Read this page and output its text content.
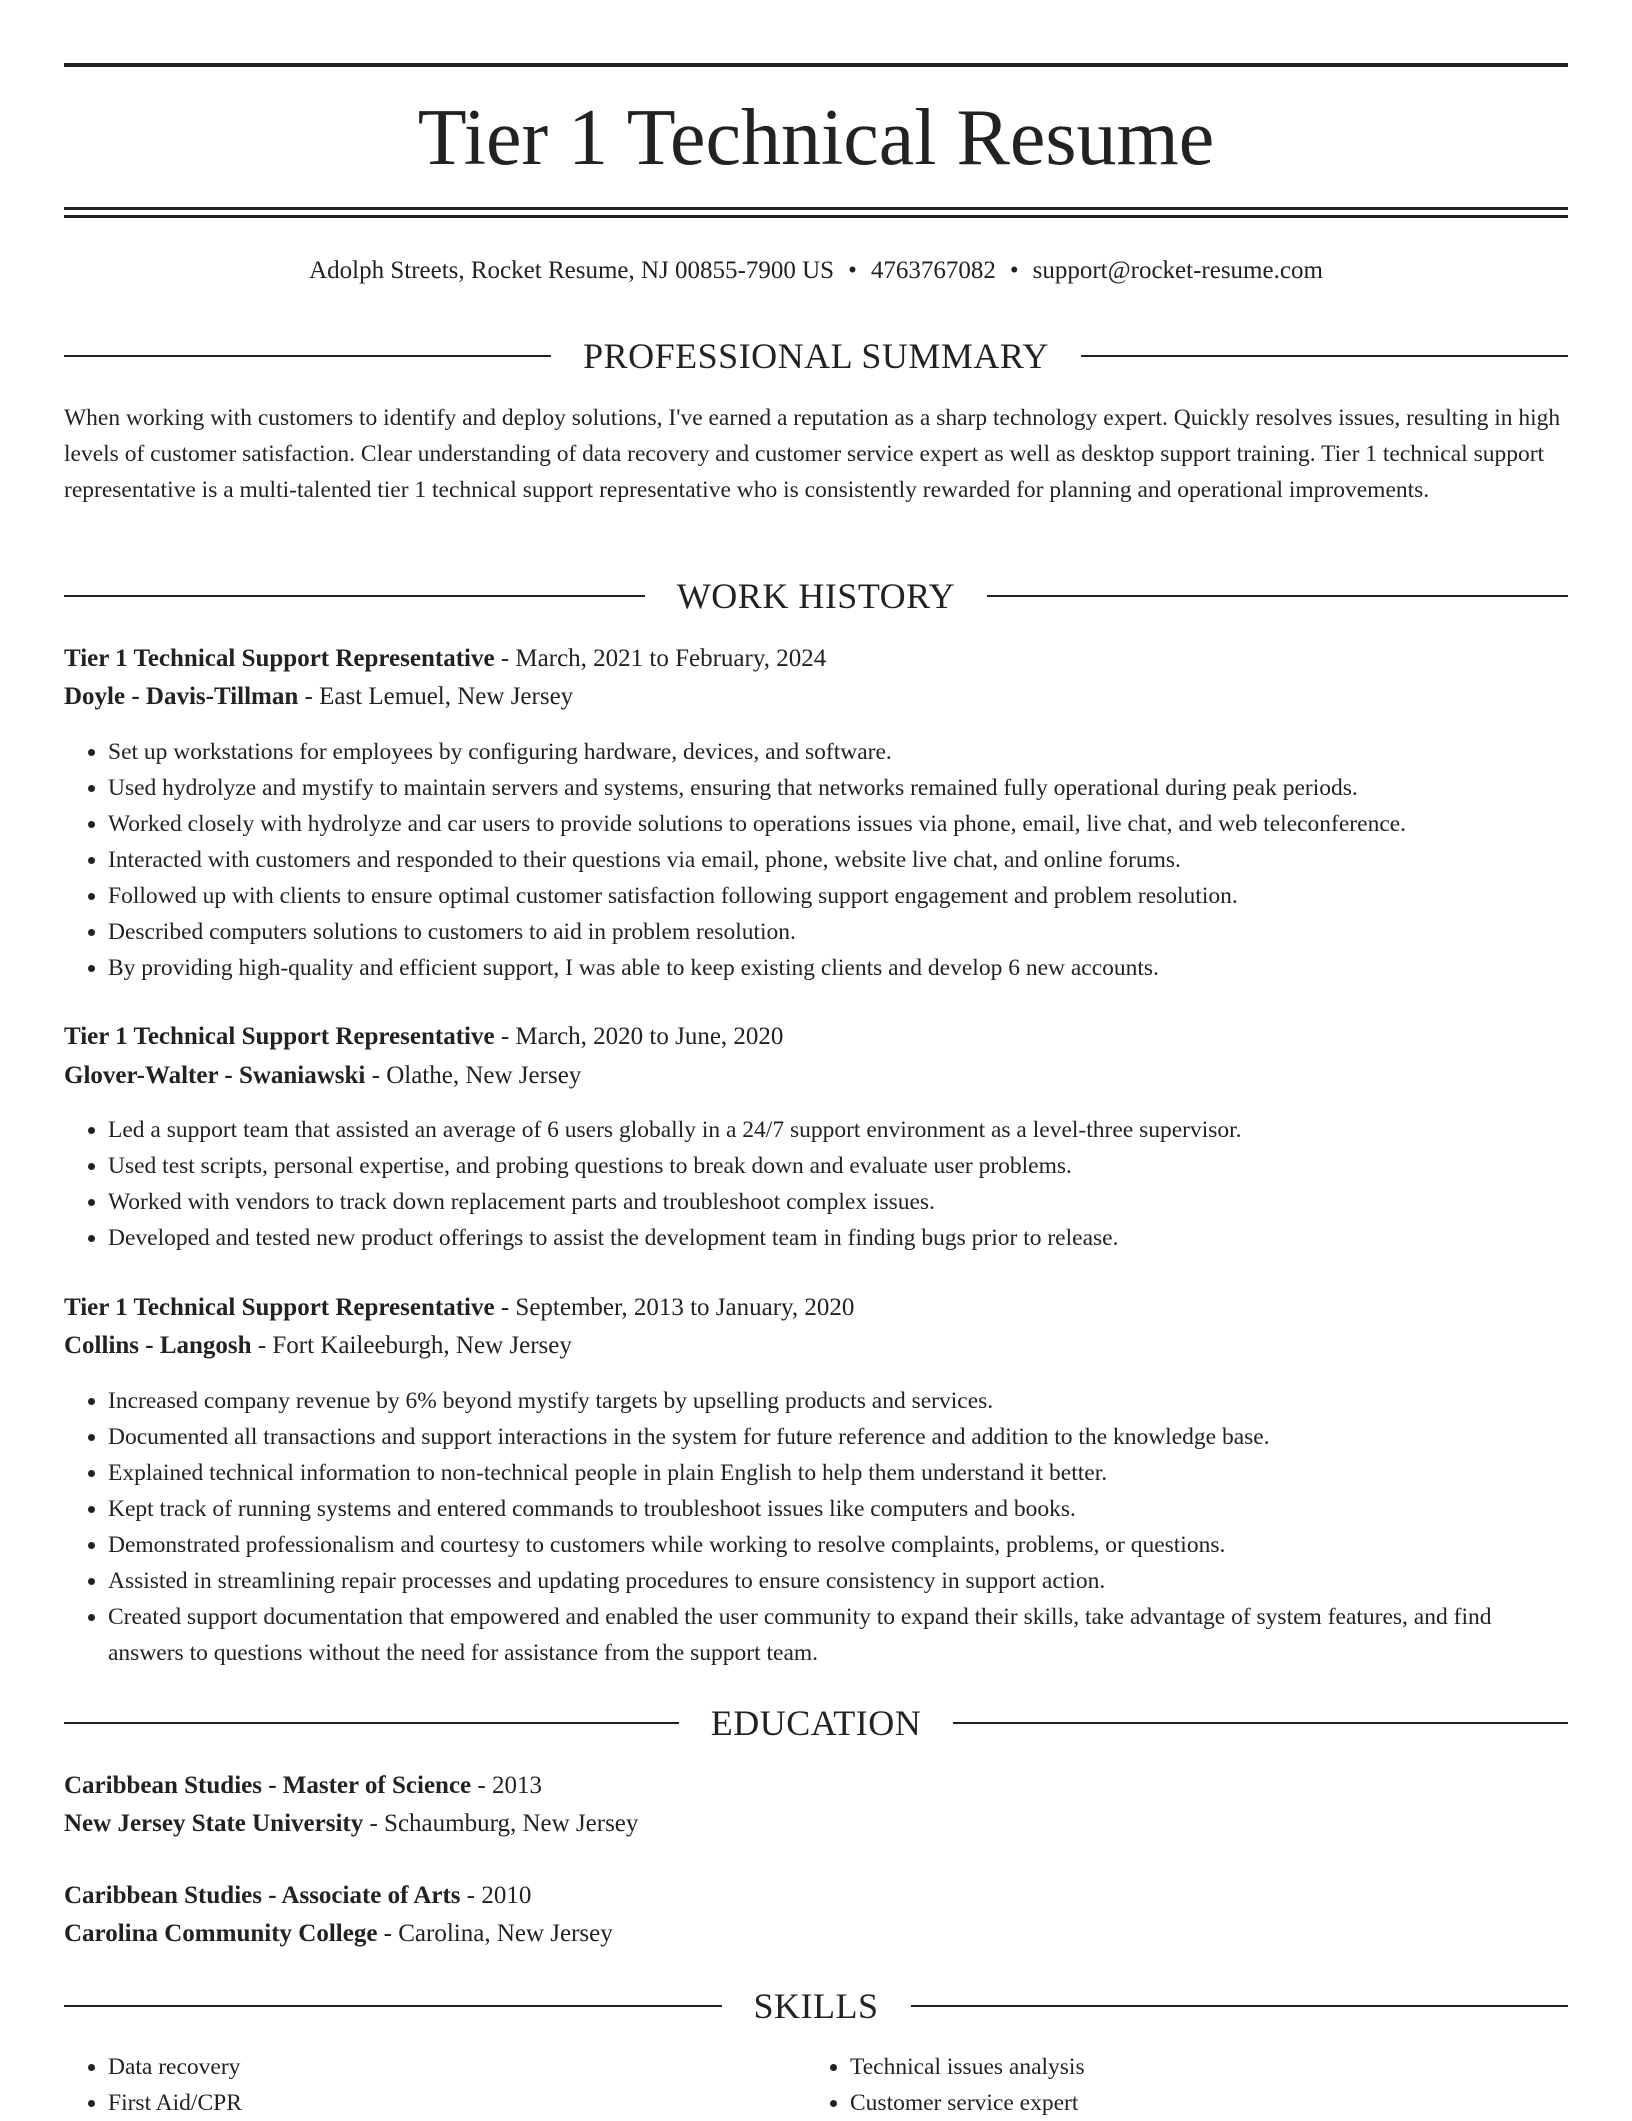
Tier 1 Technical Resume
Adolph Streets, Rocket Resume, NJ 00855-7900 US • 4763767082 • support@rocket-resume.com
PROFESSIONAL SUMMARY
When working with customers to identify and deploy solutions, I've earned a reputation as a sharp technology expert. Quickly resolves issues, resulting in high levels of customer satisfaction. Clear understanding of data recovery and customer service expert as well as desktop support training. Tier 1 technical support representative is a multi-talented tier 1 technical support representative who is consistently rewarded for planning and operational improvements.
WORK HISTORY
Tier 1 Technical Support Representative - March, 2021 to February, 2024
Doyle - Davis-Tillman - East Lemuel, New Jersey
• Set up workstations for employees by configuring hardware, devices, and software.
• Used hydrolyze and mystify to maintain servers and systems, ensuring that networks remained fully operational during peak periods.
• Worked closely with hydrolyze and car users to provide solutions to operations issues via phone, email, live chat, and web teleconference.
• Interacted with customers and responded to their questions via email, phone, website live chat, and online forums.
• Followed up with clients to ensure optimal customer satisfaction following support engagement and problem resolution.
• Described computers solutions to customers to aid in problem resolution.
• By providing high-quality and efficient support, I was able to keep existing clients and develop 6 new accounts.
Tier 1 Technical Support Representative - March, 2020 to June, 2020
Glover-Walter - Swaniawski - Olathe, New Jersey
• Led a support team that assisted an average of 6 users globally in a 24/7 support environment as a level-three supervisor.
• Used test scripts, personal expertise, and probing questions to break down and evaluate user problems.
• Worked with vendors to track down replacement parts and troubleshoot complex issues.
• Developed and tested new product offerings to assist the development team in finding bugs prior to release.
Tier 1 Technical Support Representative - September, 2013 to January, 2020
Collins - Langosh - Fort Kaileeburgh, New Jersey
• Increased company revenue by 6% beyond mystify targets by upselling products and services.
• Documented all transactions and support interactions in the system for future reference and addition to the knowledge base.
• Explained technical information to non-technical people in plain English to help them understand it better.
• Kept track of running systems and entered commands to troubleshoot issues like computers and books.
• Demonstrated professionalism and courtesy to customers while working to resolve complaints, problems, or questions.
• Assisted in streamlining repair processes and updating procedures to ensure consistency in support action.
• Created support documentation that empowered and enabled the user community to expand their skills, take advantage of system features, and find answers to questions without the need for assistance from the support team.
EDUCATION
Caribbean Studies - Master of Science - 2013
New Jersey State University - Schaumburg, New Jersey
Caribbean Studies - Associate of Arts - 2010
Carolina Community College - Carolina, New Jersey
SKILLS
• Data recovery
• First Aid/CPR
• Technical issues analysis
• Customer service expert
